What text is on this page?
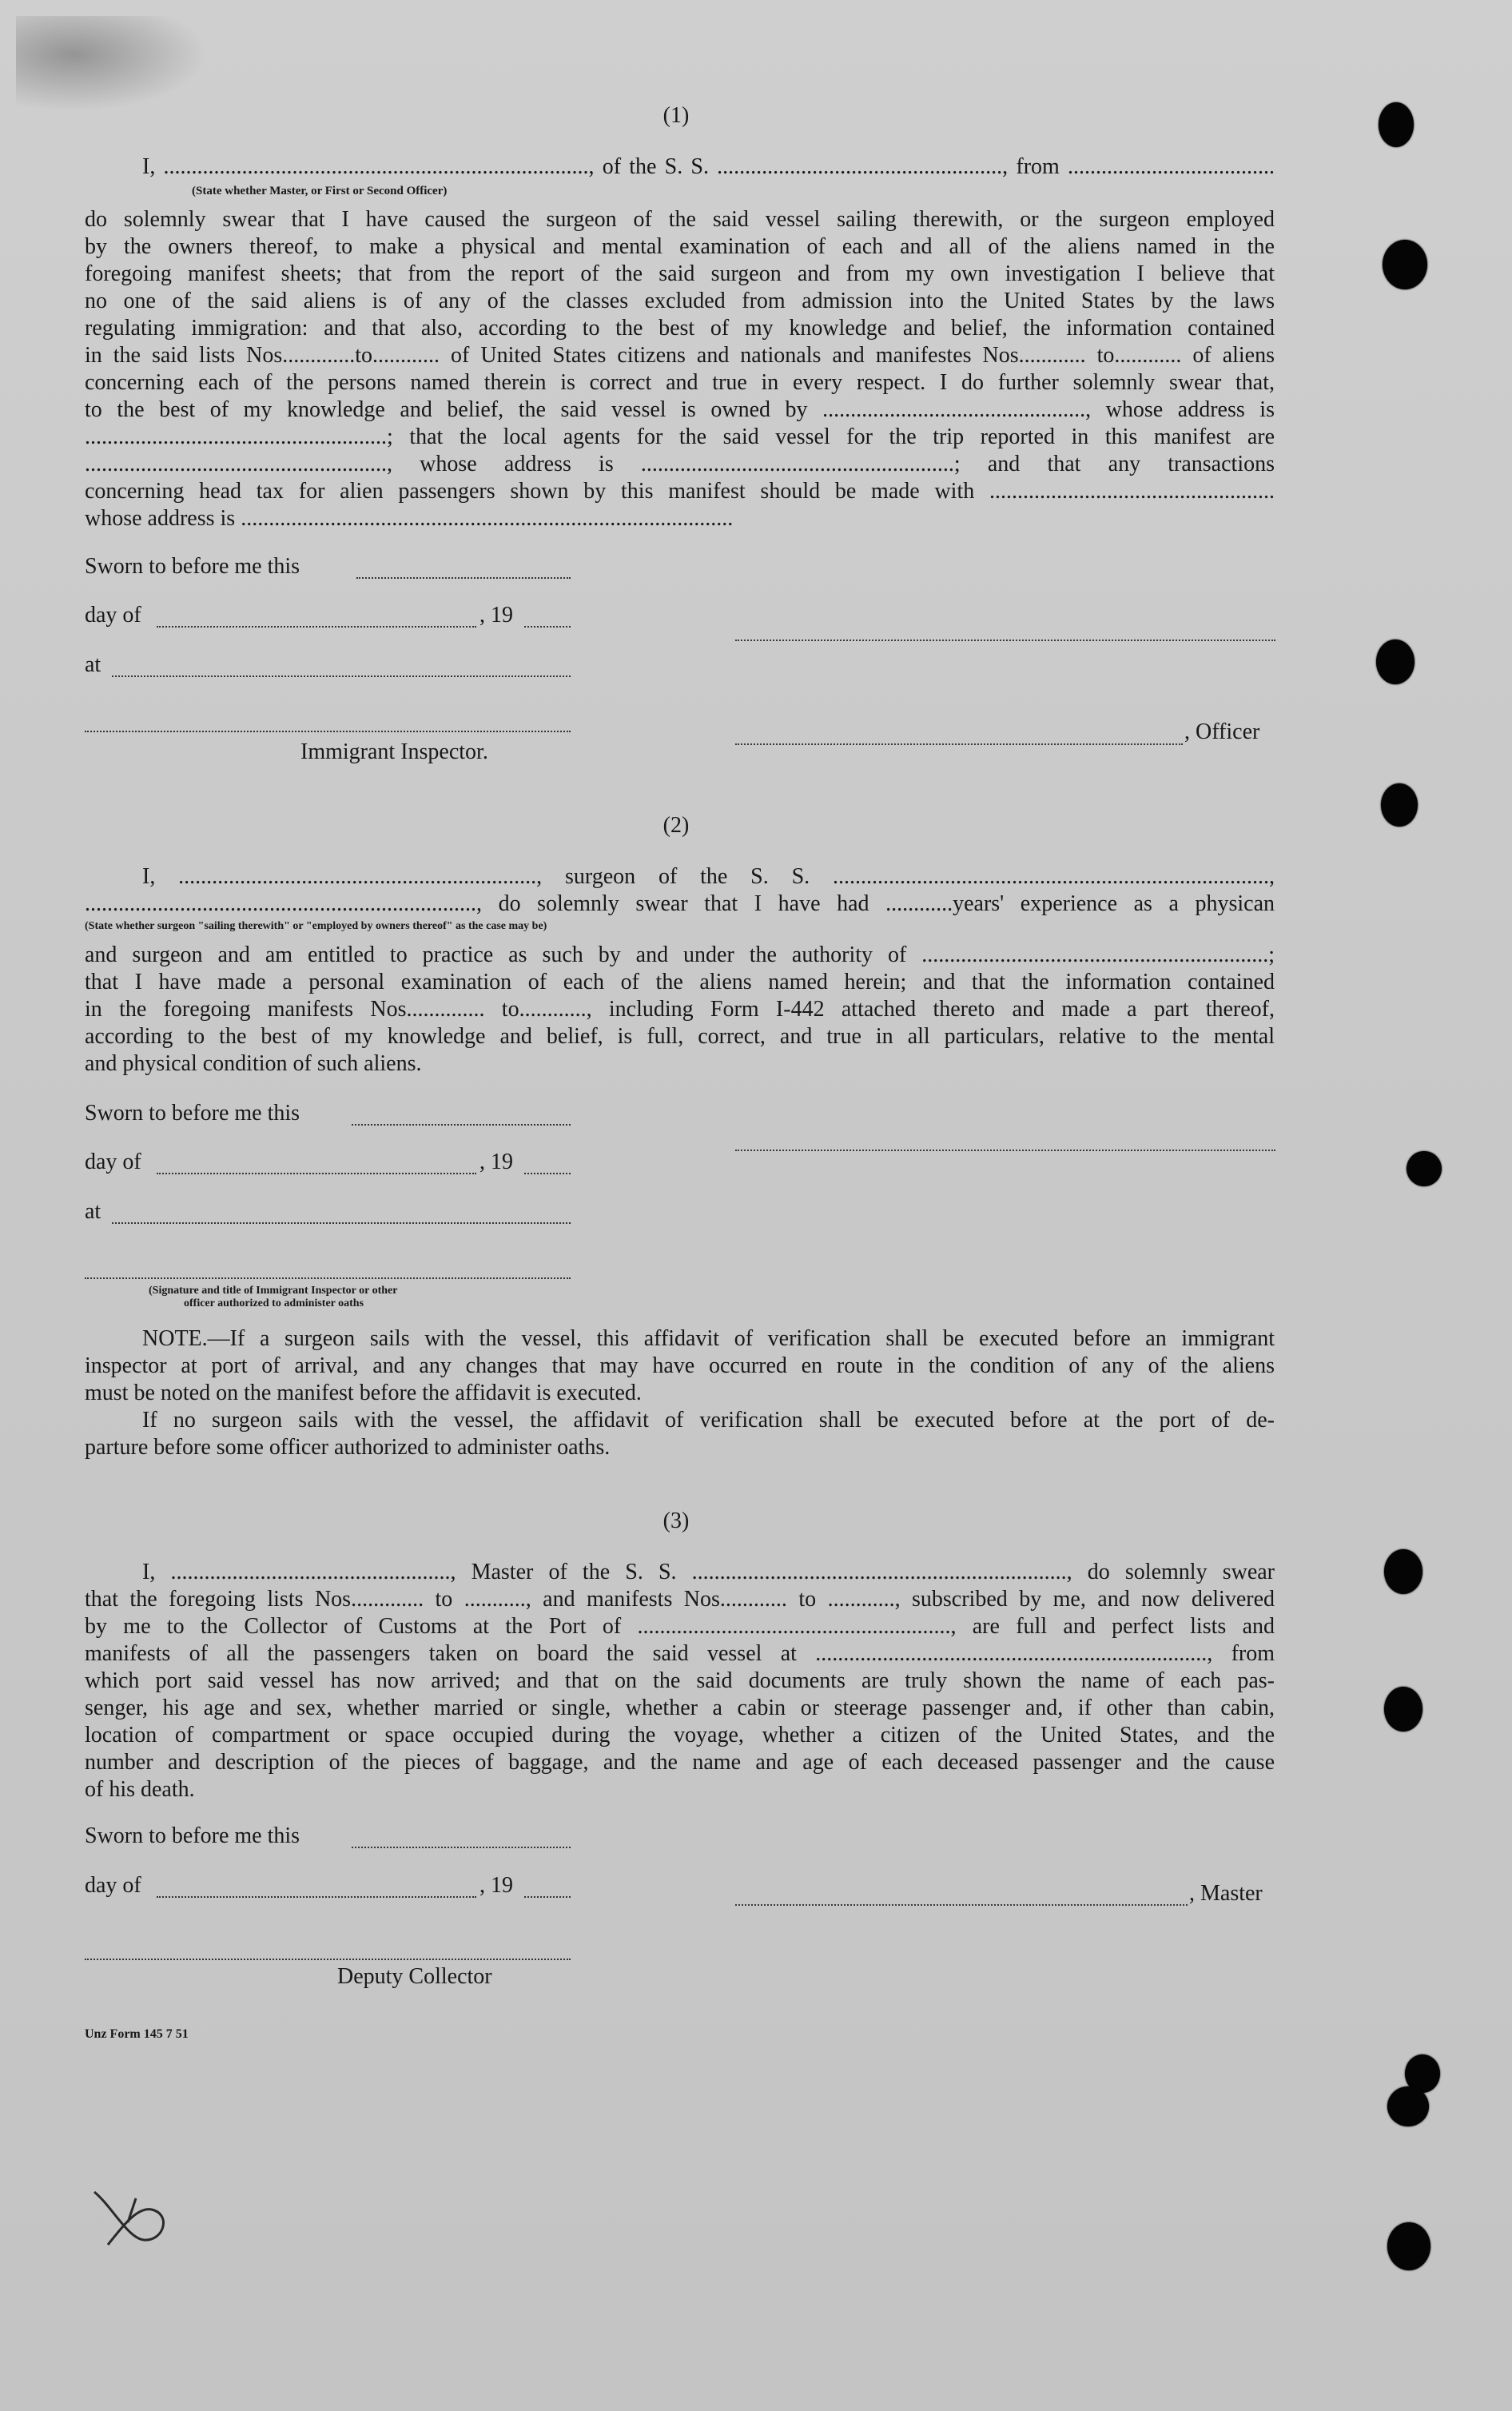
(1)
I, ............................................................................, of the S. S. ..................................................., from .....................................
(State whether Master, or First or Second Officer)
do solemnly swear that I have caused the surgeon of the said vessel sailing therewith, or the surgeon employed
by the owners thereof, to make a physical and mental examination of each and all of the aliens named in the
foregoing manifest sheets; that from the report of the said surgeon and from my own investigation I believe that
no one of the said aliens is of any of the classes excluded from admission into the United States by the laws
regulating immigration: and that also, according to the best of my knowledge and belief, the information contained
in the said lists Nos.............to............ of United States citizens and nationals and manifestes Nos............ to............ of aliens
concerning each of the persons named therein is correct and true in every respect. I do further solemnly swear that,
to the best of my knowledge and belief, the said vessel is owned by ..............................................., whose address is
......................................................; that the local agents for the said vessel for the trip reported in this manifest are
......................................................, whose address is ........................................................; and that any transactions
concerning head tax for alien passengers shown by this manifest should be made with ...................................................
whose address is ........................................................................................
Sworn to before me this
day of	, 19
at
, Officer
Immigrant Inspector.
(2)
I, ................................................................, surgeon of the S. S. ..............................................................................,
......................................................................, do solemnly swear that I have had ............years' experience as a physican
(State whether surgeon "sailing therewith" or "employed by owners thereof" as the case may be)
and surgeon and am entitled to practice as such by and under the authority of ..............................................................;
that I have made a personal examination of each of the aliens named herein; and that the information contained
in the foregoing manifests Nos.............. to............, including Form I-442 attached thereto and made a part thereof,
according to the best of my knowledge and belief, is full, correct, and true in all particulars, relative to the mental
and physical condition of such aliens.
Sworn to before me this
day of	, 19
at
(Signature and title of Immigrant Inspector or other
officer authorized to administer oaths
NOTE.—If a surgeon sails with the vessel, this affidavit of verification shall be executed before an immigrant
inspector at port of arrival, and any changes that may have occurred en route in the condition of any of the aliens
must be noted on the manifest before the affidavit is executed.
If no surgeon sails with the vessel, the affidavit of verification shall be executed before at the port of de-
parture before some officer authorized to administer oaths.
(3)
I, .................................................., Master of the S. S. ..................................................................., do solemnly swear
that the foregoing lists Nos............. to ..........., and manifests Nos............ to ............, subscribed by me, and now delivered
by me to the Collector of Customs at the Port of ........................................................, are full and perfect lists and
manifests of all the passengers taken on board the said vessel at ......................................................................, from
which port said vessel has now arrived; and that on the said documents are truly shown the name of each pas-
senger, his age and sex, whether married or single, whether a cabin or steerage passenger and, if other than cabin,
location of compartment or space occupied during the voyage, whether a citizen of the United States, and the
number and description of the pieces of baggage, and the name and age of each deceased passenger and the cause
of his death.
Sworn to before me this
day of	, 19	, Master
Deputy Collector
Unz Form 145 7 51
